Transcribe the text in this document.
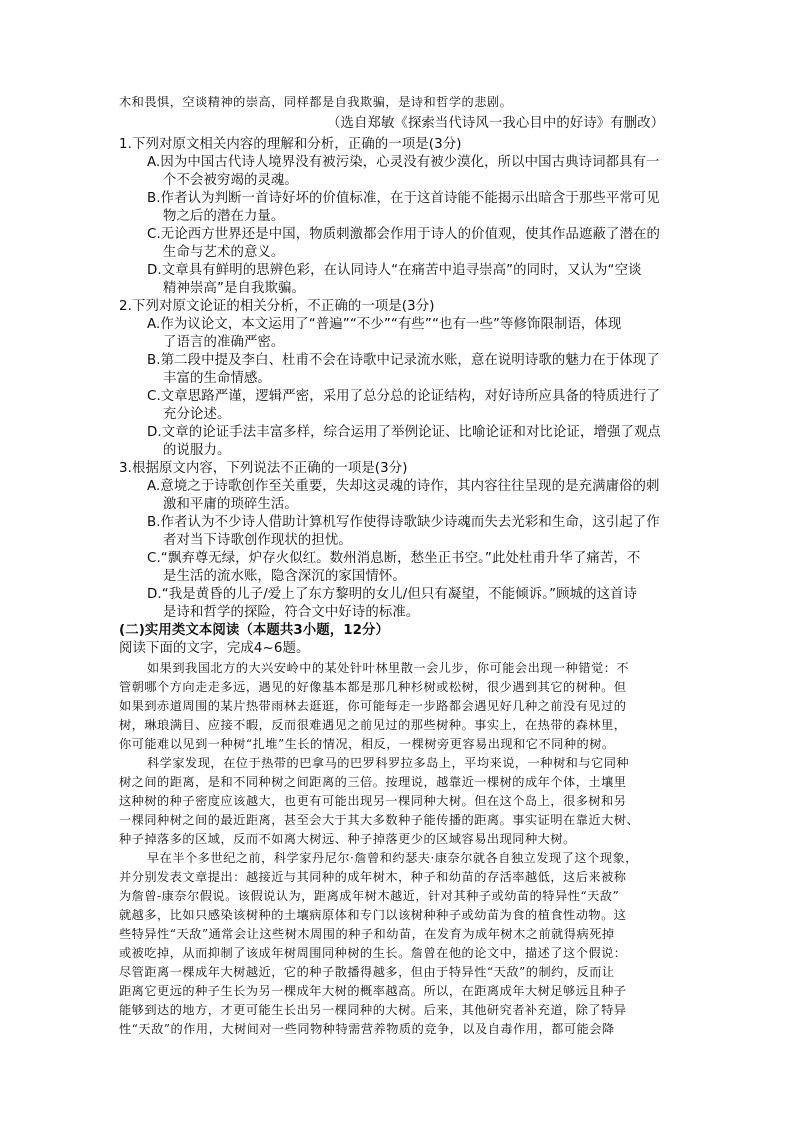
木和畏惧，空谈精神的崇高，同样都是自我欺骗，是诗和哲学的悲剧。
（选自郑敏《探索当代诗风一我心目中的好诗》有删改）
1.下列对原文相关内容的理解和分析，正确的一项是(3分)
A.因为中国古代诗人境界没有被污染，心灵没有被少漠化，所以中国古典诗词都具有一
个不会被穷竭的灵魂。
B.作者认为判断一首诗好坏的价值标准，在于这首诗能不能揭示出暗含于那些平常可见
物之后的潜在力量。
C.无论西方世界还是中国，物质刺激都会作用于诗人的价值观，使其作品遮蔽了潜在的
生命与艺术的意义。
D.文章具有鲜明的思辨色彩，在认同诗人“在痛苦中追寻崇高”的同时，又认为“空谈
精神崇高”是自我欺骗。
2.下列对原文论证的相关分析，不正确的一项是(3分)
A.作为议论文，本文运用了“普遍”“不少”“有些”“也有一些”等修饰限制语，体现
了语言的准确严密。
B.第二段中提及李白、杜甫不会在诗歌中记录流水账，意在说明诗歌的魅力在于体现了
丰富的生命情感。
C.文章思路严谨，逻辑严密，采用了总分总的论证结构，对好诗所应具备的特质进行了
充分论述。
D.文章的论证手法丰富多样，综合运用了举例论证、比喻论证和对比论证，增强了观点
的说服力。
3.根据原文内容，下列说法不正确的一项是(3分)
A.意境之于诗歌创作至关重要，失却这灵魂的诗作，其内容往往呈现的是充满庸俗的刺
激和平庸的琐碎生活。
B.作者认为不少诗人借助计算机写作使得诗歌缺少诗魂而失去光彩和生命，这引起了作
者对当下诗歌创作现状的担忧。
C.“飘弃尊无绿，炉存火似红。数州消息断，愁坐正书空。”此处杜甫升华了痛苦，不
是生活的流水账，隐含深沉的家国情怀。
D.“我是黄昏的儿子/爱上了东方黎明的女儿/但只有凝望，不能倾诉。”顾城的这首诗
是诗和哲学的探险，符合文中好诗的标准。
(二)实用类文本阅读（本题共3小题，12分）
阅读下面的文字，完成4~6题。
如果到我国北方的大兴安岭中的某处针叶林里散一会儿步，你可能会出现一种错觉：不
管朝哪个方向走走多远，遇见的好像基本都是那几种杉树或松树，很少遇到其它的树种。但
如果到赤道周围的某片热带雨林去逛逛，你可能每走一步路都会遇见好几种之前没有见过的
树，琳琅满目、应接不暇，反而很难遇见之前见过的那些树种。事实上，在热带的森林里，
你可能难以见到一种树“扎堆”生长的情况，相反，一棵树旁更容易出现和它不同种的树。
科学家发现，在位于热带的巴拿马的巴罗科罗拉多岛上，平均来说，一种树和与它同种
树之间的距离，是和不同种树之间距离的三倍。按理说，越靠近一棵树的成年个体，土壤里
这种树的种子密度应该越大，也更有可能出现另一棵同种大树。但在这个岛上，很多树和另
一棵同种树之间的最近距离，甚至会大于其大多数种子能传播的距离。事实证明在靠近大树、
种子掉落多的区域，反而不如离大树远、种子掉落更少的区域容易出现同种大树。
早在半个多世纪之前，科学家丹尼尔·詹曾和约瑟夫·康奈尔就各自独立发现了这个现象，
并分别发表文章提出：越接近与其同种的成年树木，种子和幼苗的存活率越低，这后来被称
为詹曾-康奈尔假说。该假说认为，距离成年树木越近，针对其种子或幼苗的特异性“天敌”
就越多，比如只感染该树种的土壤病原体和专门以该树种种子或幼苗为食的植食性动物。这
些特异性“天敌”通常会让这些树木周围的种子和幼苗，在发育为成年树木之前就得病死掉
或被吃掉，从而抑制了该成年树周围同种树的生长。詹曾在他的论文中，描述了这个假说：
尽管距离一棵成年大树越近，它的种子散播得越多，但由于特异性“天敌”的制约，反而让
距离它更远的种子生长为另一棵成年大树的概率越高。所以，在距离成年大树足够远且种子
能够到达的地方，才更可能生长出另一棵同种的大树。后来，其他研究者补充道，除了特异
性“天敌”的作用，大树间对一些同物种特需营养物质的竞争，以及自毒作用，都可能会降
